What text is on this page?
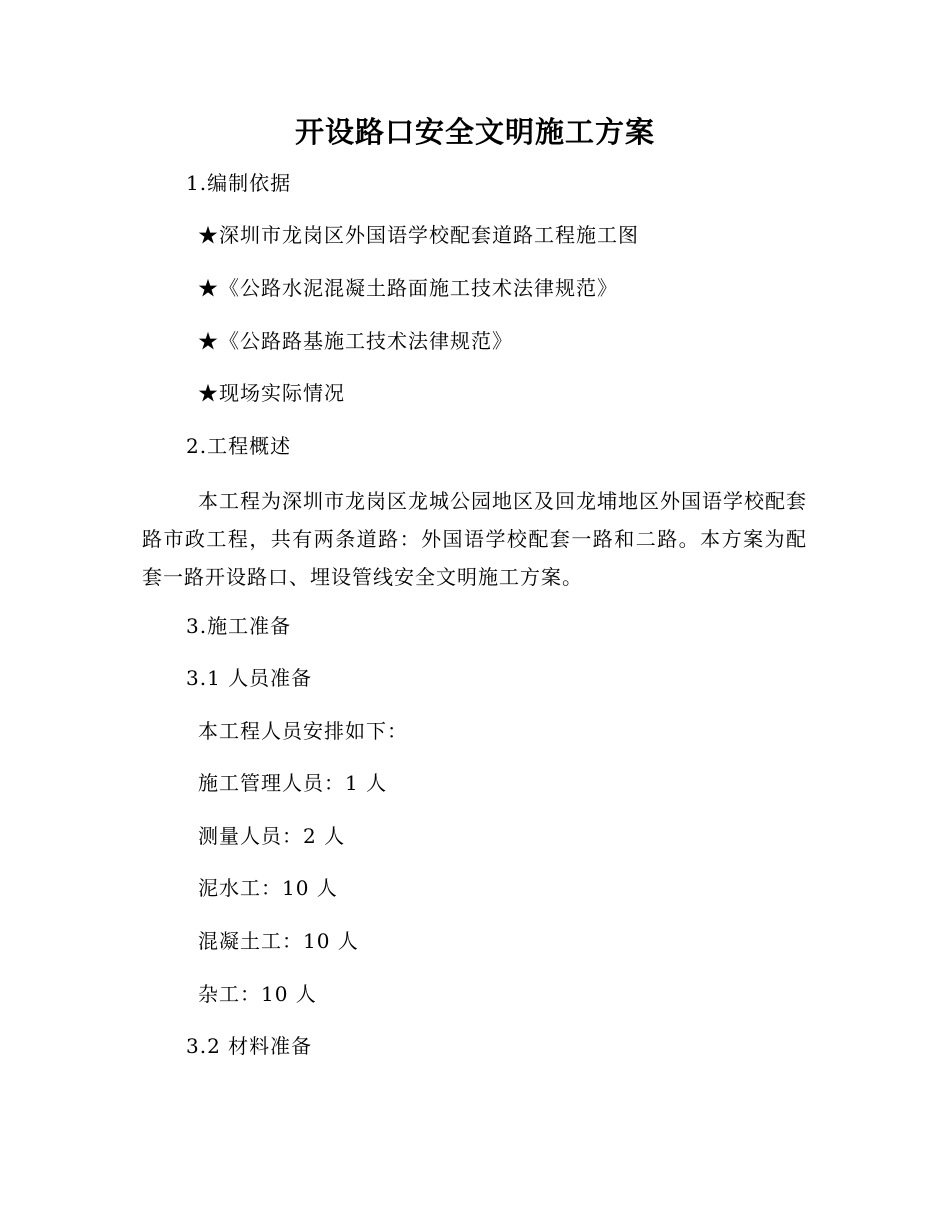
开设路口安全文明施工方案
1.编制依据
★深圳市龙岗区外国语学校配套道路工程施工图
★《公路水泥混凝土路面施工技术法律规范》
★《公路路基施工技术法律规范》
★现场实际情况
2.工程概述
本工程为深圳市龙岗区龙城公园地区及回龙埔地区外国语学校配套路市政工程，共有两条道路：外国语学校配套一路和二路。本方案为配套一路开设路口、埋设管线安全文明施工方案。
3.施工准备
3.1 人员准备
本工程人员安排如下：
施工管理人员：1 人
测量人员：2 人
泥水工：10 人
混凝土工：10 人
杂工：10 人
3.2 材料准备
